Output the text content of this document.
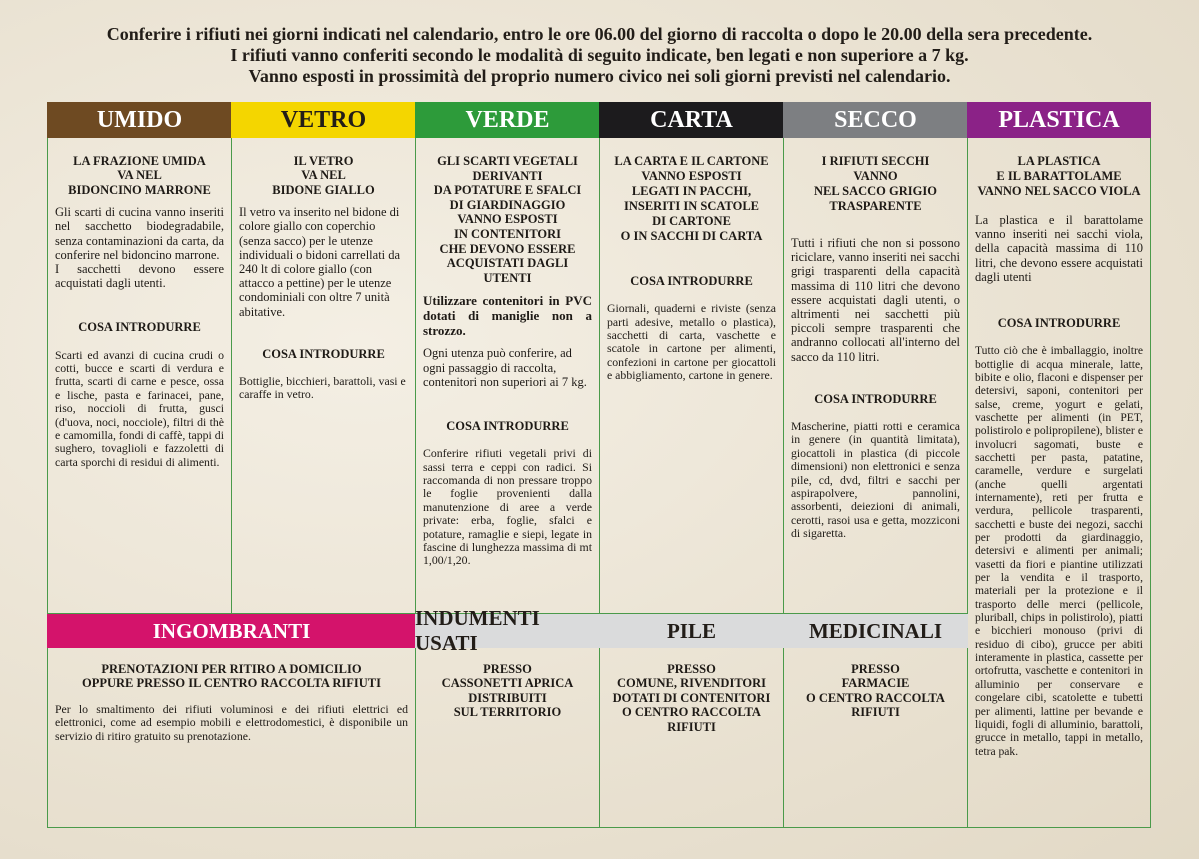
Conferire i rifiuti nei giorni indicati nel calendario, entro le ore 06.00 del giorno di raccolta o dopo le 20.00 della sera precedente.
I rifiuti vanno conferiti secondo le modalità di seguito indicate, ben legati e non superiore a 7 kg.
Vanno esposti in prossimità del proprio numero civico nei soli giorni previsti nel calendario.
UMIDO
LA FRAZIONE UMIDA
VA NEL
BIDONCINO MARRONE
Gli scarti di cucina vanno inseriti nel sacchetto biodegradabile, senza contaminazioni da carta, da conferire nel bidoncino marrone.
I sacchetti devono essere acquistati dagli utenti.
COSA INTRODURRE
Scarti ed avanzi di cucina crudi o cotti, bucce e scarti di verdura e frutta, scarti di carne e pesce, ossa e lische, pasta e farinacei, pane, riso, noccioli di frutta, gusci (d'uova, noci, nocciole), filtri di thè e camomilla, fondi di caffè, tappi di sughero, tovaglioli e fazzoletti di carta sporchi di residui di alimenti.
VETRO
IL VETRO
VA NEL
BIDONE GIALLO
Il vetro va inserito nel bidone di colore giallo con coperchio (senza sacco) per le utenze individuali o bidoni carrellati da 240 lt di colore giallo (con attacco a pettine) per le utenze condominiali con oltre 7 unità abitative.
COSA INTRODURRE
Bottiglie, bicchieri, barattoli, vasi e caraffe in vetro.
VERDE
GLI SCARTI VEGETALI
DERIVANTI
DA POTATURE E SFALCI
DI GIARDINAGGIO
VANNO ESPOSTI
IN CONTENITORI
CHE DEVONO ESSERE
ACQUISTATI DAGLI UTENTI
Utilizzare contenitori in PVC dotati di maniglie non a strozzo.
Ogni utenza può conferire, ad ogni passaggio di raccolta, contenitori non superiori ai 7 kg.
COSA INTRODURRE
Conferire rifiuti vegetali privi di sassi terra e ceppi con radici. Si raccomanda di non pressare troppo le foglie provenienti dalla manutenzione di aree a verde private: erba, foglie, sfalci e potature, ramaglie e siepi, legate in fascine di lunghezza massima di mt 1,00/1,20.
CARTA
LA CARTA E IL CARTONE
VANNO ESPOSTI
LEGATI IN PACCHI,
INSERITI IN SCATOLE
DI CARTONE
O IN SACCHI DI CARTA
COSA INTRODURRE
Giornali, quaderni e riviste (senza parti adesive, metallo o plastica), sacchetti di carta, vaschette e scatole in cartone per alimenti, confezioni in cartone per giocattoli e abbigliamento, cartone in genere.
SECCO
I RIFIUTI SECCHI
VANNO
NEL SACCO GRIGIO
TRASPARENTE
Tutti i rifiuti che non si possono riciclare, vanno inseriti nei sacchi grigi trasparenti della capacità massima di 110 litri che devono essere acquistati dagli utenti, o altrimenti nei sacchetti più piccoli sempre trasparenti che andranno collocati all'interno del sacco da 110 litri.
COSA INTRODURRE
Mascherine, piatti rotti e ceramica in genere (in quantità limitata), giocattoli in plastica (di piccole dimensioni) non elettronici e senza pile, cd, dvd, filtri e sacchi per aspirapolvere, pannolini, assorbenti, deiezioni di animali, cerotti, rasoi usa e getta, mozziconi di sigaretta.
PLASTICA
LA PLASTICA
E IL BARATTOLAME
VANNO NEL SACCO VIOLA
La plastica e il barattolame vanno inseriti nei sacchi viola, della capacità massima di 110 litri, che devono essere acquistati dagli utenti
COSA INTRODURRE
Tutto ciò che è imballaggio, inoltre bottiglie di acqua minerale, latte, bibite e olio, flaconi e dispenser per detersivi, saponi, contenitori per salse, creme, yogurt e gelati, vaschette per alimenti (in PET, polistirolo e polipropilene), blister e involucri sagomati, buste e sacchetti per pasta, patatine, caramelle, verdure e surgelati (anche quelli argentati internamente), reti per frutta e verdura, pellicole trasparenti, sacchetti e buste dei negozi, sacchi per prodotti da giardinaggio, detersivi e alimenti per animali; vasetti da fiori e piantine utilizzati per la vendita e il trasporto, materiali per la protezione e il trasporto delle merci (pellicole, pluriball, chips in polistirolo), piatti e bicchieri monouso (privi di residuo di cibo), grucce per abiti interamente in plastica, cassette per ortofrutta, vaschette e contenitori in alluminio per conservare e congelare cibi, scatolette e tubetti per alimenti, lattine per bevande e liquidi, fogli di alluminio, barattoli, grucce in metallo, tappi in metallo, tetra pak.
INGOMBRANTI
PRENOTAZIONI PER RITIRO A DOMICILIO
OPPURE PRESSO IL CENTRO RACCOLTA RIFIUTI
Per lo smaltimento dei rifiuti voluminosi e dei rifiuti elettrici ed elettronici, come ad esempio mobili e elettrodomestici, è disponibile un servizio di ritiro gratuito su prenotazione.
INDUMENTI USATI
PRESSO
CASSONETTI APRICA
DISTRIBUITI
SUL TERRITORIO
PILE
PRESSO
COMUNE, RIVENDITORI
DOTATI DI CONTENITORI
O CENTRO RACCOLTA
RIFIUTI
MEDICINALI
PRESSO
FARMACIE
O CENTRO RACCOLTA
RIFIUTI
